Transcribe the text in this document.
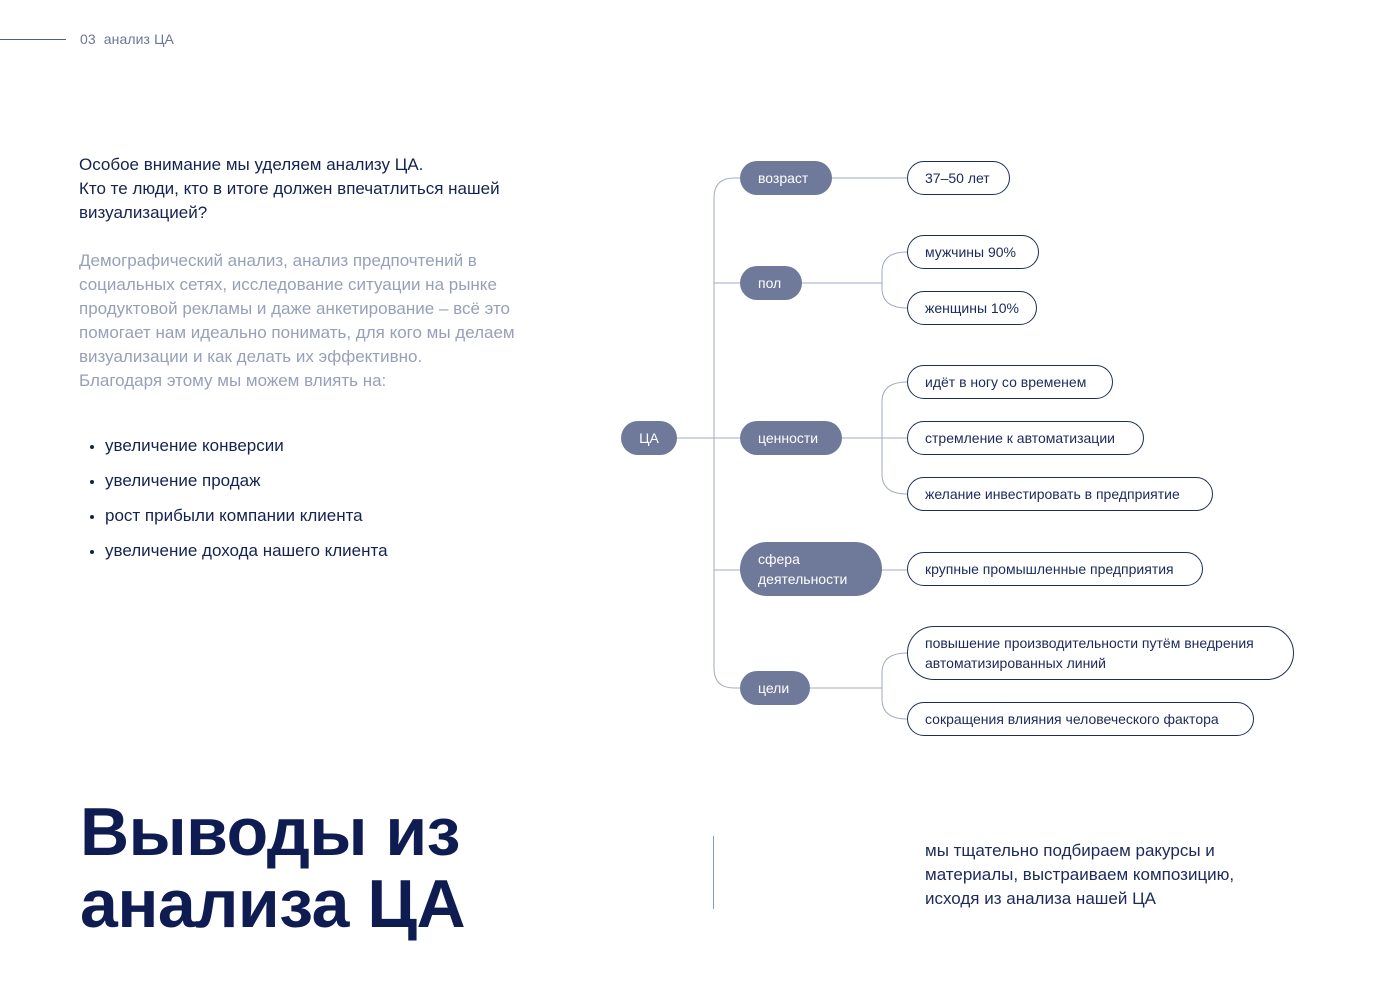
03 анализ ЦА

Особое внимание мы уделяем анализу ЦА.
Кто те люди, кто в итоге должен впечатлиться нашей визуализацией?

Демографический анализ, анализ предпочтений в социальных сетях, исследование ситуации на рынке продуктовой рекламы и даже анкетирование – всё это помогает нам идеально понимать, для кого мы делаем визуализации и как делать их эффективно.
Благодаря этому мы можем влиять на:

увеличение конверсии
увеличение продаж
рост прибыли компании клиента
увеличение дохода нашего клиента
ЦА
возраст
пол
ценности
сфера деятельности
цели
37–50 лет
мужчины 90%
женщины 10%
идёт в ногу со временем
стремление к автоматизации
желание инвестировать в предприятие
крупные промышленные предприятия
повышение производительности путём внедрения автоматизированных линий
сокращения влияния человеческого фактора
Выводы из анализа ЦА

мы тщательно подбираем ракурсы и материалы, выстраиваем композицию, исходя из анализа нашей ЦА
